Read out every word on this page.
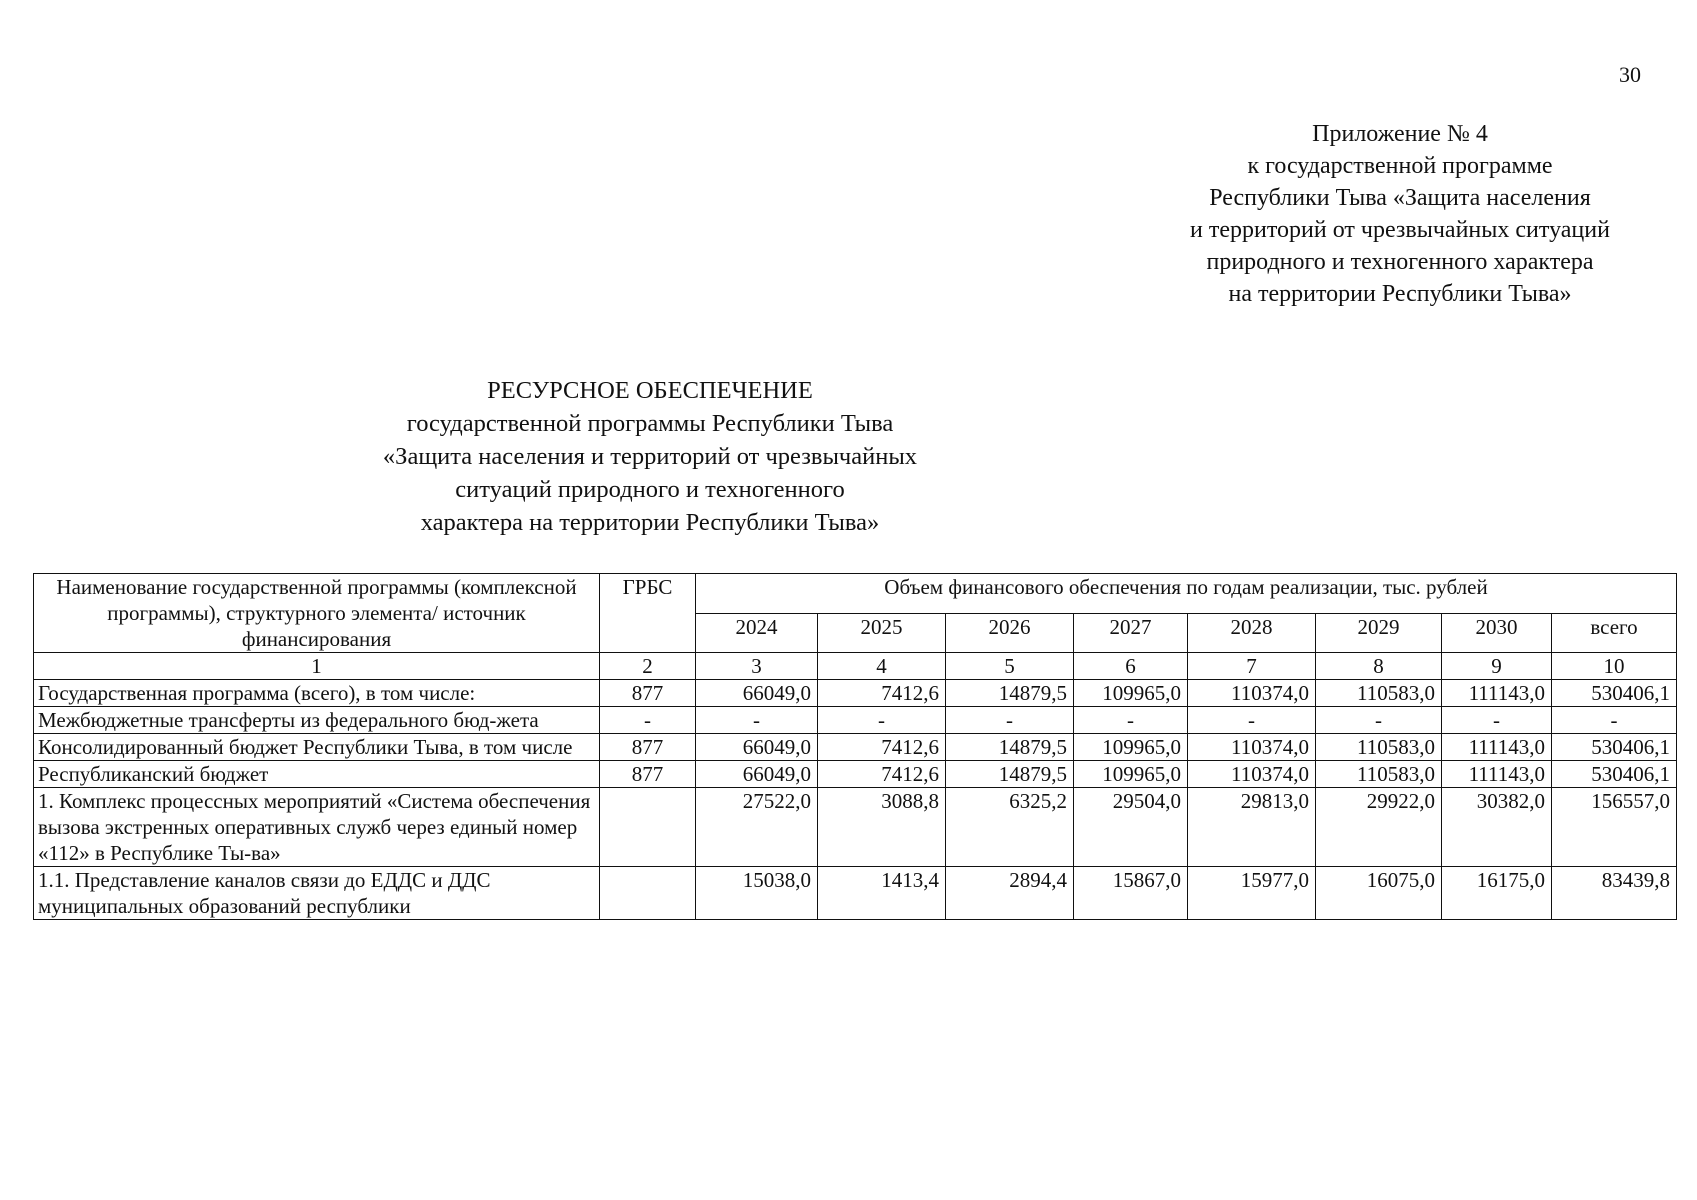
30
Приложение № 4
к государственной программе
Республики Тыва «Защита населения
и территорий от чрезвычайных ситуаций
природного и техногенного характера
на территории Республики Тыва»
РЕСУРСНОЕ ОБЕСПЕЧЕНИЕ
государственной программы Республики Тыва
«Защита населения и территорий от чрезвычайных
ситуаций природного и техногенного
характера на территории Республики Тыва»
Наименование государственной программы (комплексной программы), структурного элемента/ источник финансирования	ГРБС	Объем финансового обеспечения по годам реализации, тыс. рублей							
		2024	2025	2026	2027	2028	2029	2030	всего
1	2	3	4	5	6	7	8	9	10
Государственная программа (всего), в том числе:	877	66049,0	7412,6	14879,5	109965,0	110374,0	110583,0	111143,0	530406,1
Межбюджетные трансферты из федерального бюд-жета	-	-	-	-	-	-	-	-	-
Консолидированный бюджет Республики Тыва, в том числе	877	66049,0	7412,6	14879,5	109965,0	110374,0	110583,0	111143,0	530406,1
Республиканский бюджет	877	66049,0	7412,6	14879,5	109965,0	110374,0	110583,0	111143,0	530406,1
1. Комплекс процессных мероприятий «Система обеспечения вызова экстренных оперативных служб через единый номер «112» в Республике Ты-ва»		27522,0	3088,8	6325,2	29504,0	29813,0	29922,0	30382,0	156557,0
1.1. Представление каналов связи до ЕДДС и ДДС муниципальных образований республики		15038,0	1413,4	2894,4	15867,0	15977,0	16075,0	16175,0	83439,8
